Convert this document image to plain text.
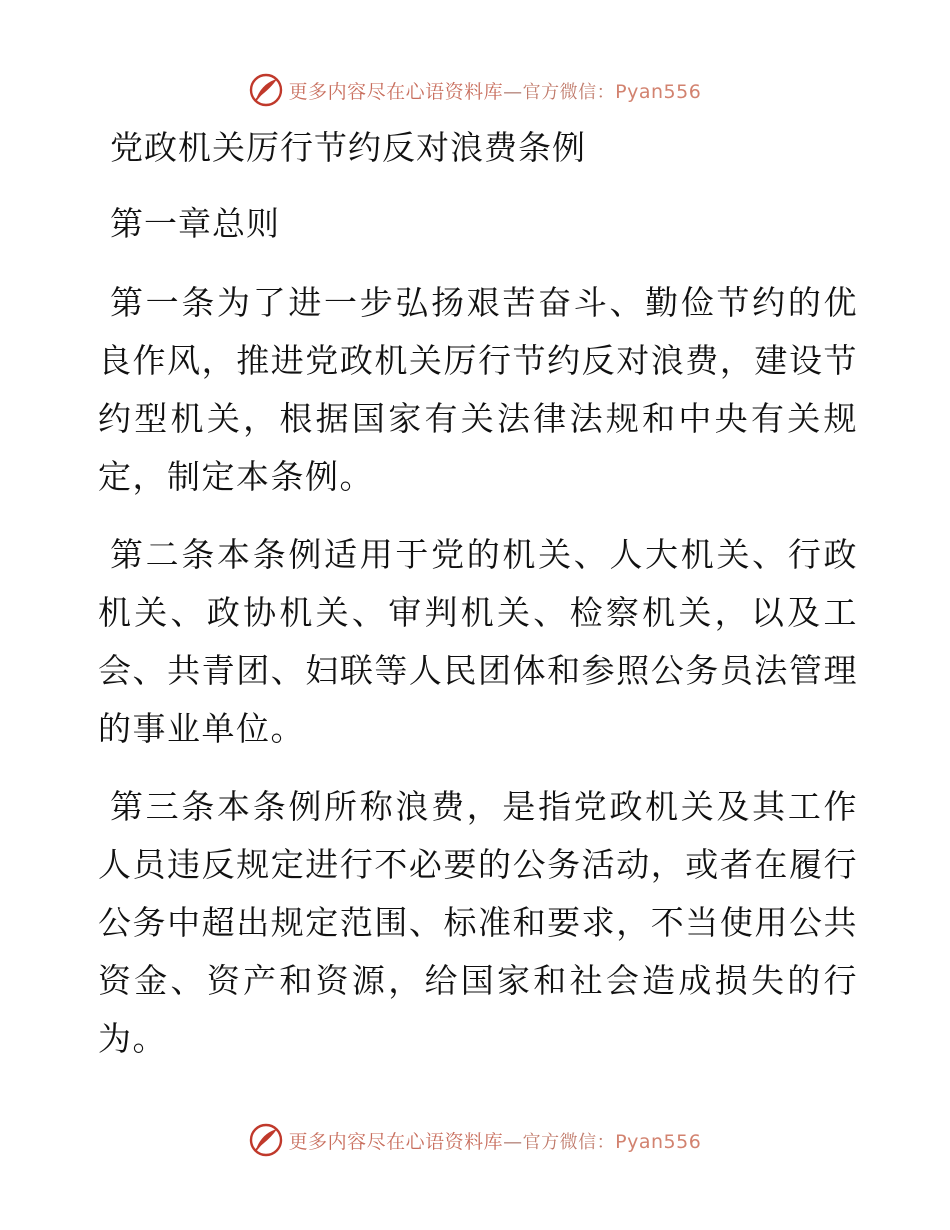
更多内容尽在心语资料库—官方微信：Pyan556
党政机关厉行节约反对浪费条例
第一章总则

第一条为了进一步弘扬艰苦奋斗、勤俭节约的优良作风，推进党政机关厉行节约反对浪费，建设节约型机关，根据国家有关法律法规和中央有关规定，制定本条例。

第二条本条例适用于党的机关、人大机关、行政机关、政协机关、审判机关、检察机关，以及工会、共青团、妇联等人民团体和参照公务员法管理的事业单位。

第三条本条例所称浪费，是指党政机关及其工作人员违反规定进行不必要的公务活动，或者在履行公务中超出规定范围、标准和要求，不当使用公共资金、资产和资源，给国家和社会造成损失的行为。

更多内容尽在心语资料库—官方微信：Pyan556
